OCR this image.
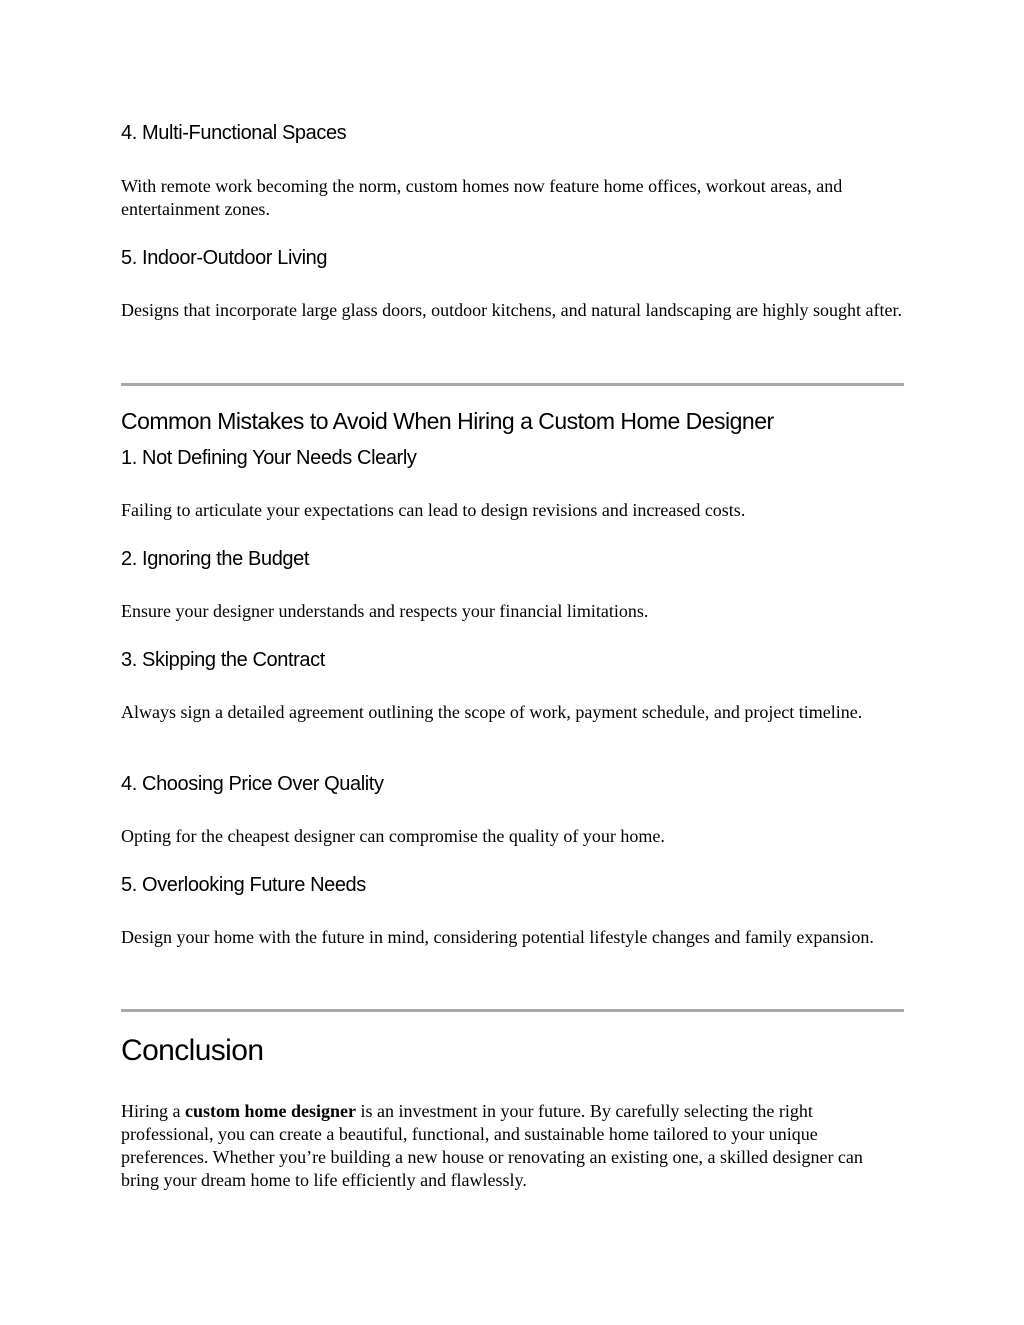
4. Multi-Functional Spaces
With remote work becoming the norm, custom homes now feature home offices, workout areas, and entertainment zones.
5. Indoor-Outdoor Living
Designs that incorporate large glass doors, outdoor kitchens, and natural landscaping are highly sought after.
Common Mistakes to Avoid When Hiring a Custom Home Designer
1. Not Defining Your Needs Clearly
Failing to articulate your expectations can lead to design revisions and increased costs.
2. Ignoring the Budget
Ensure your designer understands and respects your financial limitations.
3. Skipping the Contract
Always sign a detailed agreement outlining the scope of work, payment schedule, and project timeline.
4. Choosing Price Over Quality
Opting for the cheapest designer can compromise the quality of your home.
5. Overlooking Future Needs
Design your home with the future in mind, considering potential lifestyle changes and family expansion.
Conclusion
Hiring a custom home designer is an investment in your future. By carefully selecting the right professional, you can create a beautiful, functional, and sustainable home tailored to your unique preferences. Whether you’re building a new house or renovating an existing one, a skilled designer can bring your dream home to life efficiently and flawlessly.
